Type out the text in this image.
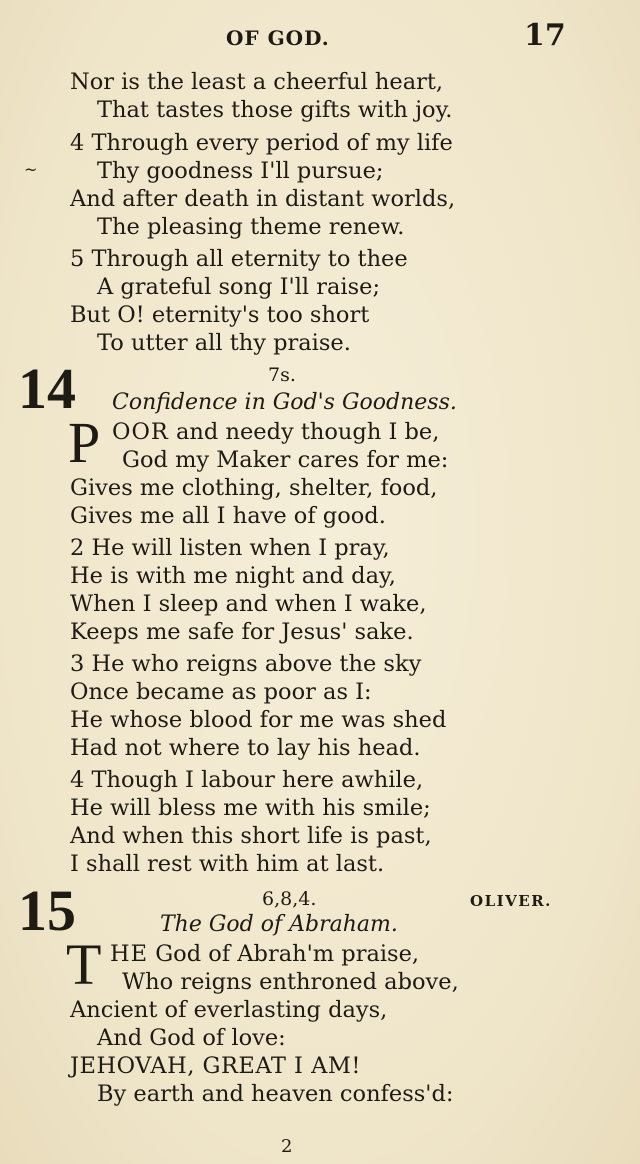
OF GOD.	17
Nor is the least a cheerful heart,
That tastes those gifts with joy.
4 Through every period of my life
Thy goodness I'll pursue;
~
And after death in distant worlds,
The pleasing theme renew.
5 Through all eternity to thee
A grateful song I'll raise;
But O! eternity's too short
To utter all thy praise.
14	7s.
Confidence in God's Goodness.
P OOR and needy though I be,
God my Maker cares for me:
Gives me clothing, shelter, food,
Gives me all I have of good.
2 He will listen when I pray,
He is with me night and day,
When I sleep and when I wake,
Keeps me safe for Jesus' sake.
3 He who reigns above the sky
Once became as poor as I:
He whose blood for me was shed
Had not where to lay his head.
4 Though I labour here awhile,
He will bless me with his smile;
And when this short life is past,
I shall rest with him at last.
15	6,8,4.	OLIVER.
The God of Abraham.
T HE God of Abrah'm praise,
Who reigns enthroned above,
Ancient of everlasting days,
And God of love:
JEHOVAH, GREAT I AM!
By earth and heaven confess'd:
2
